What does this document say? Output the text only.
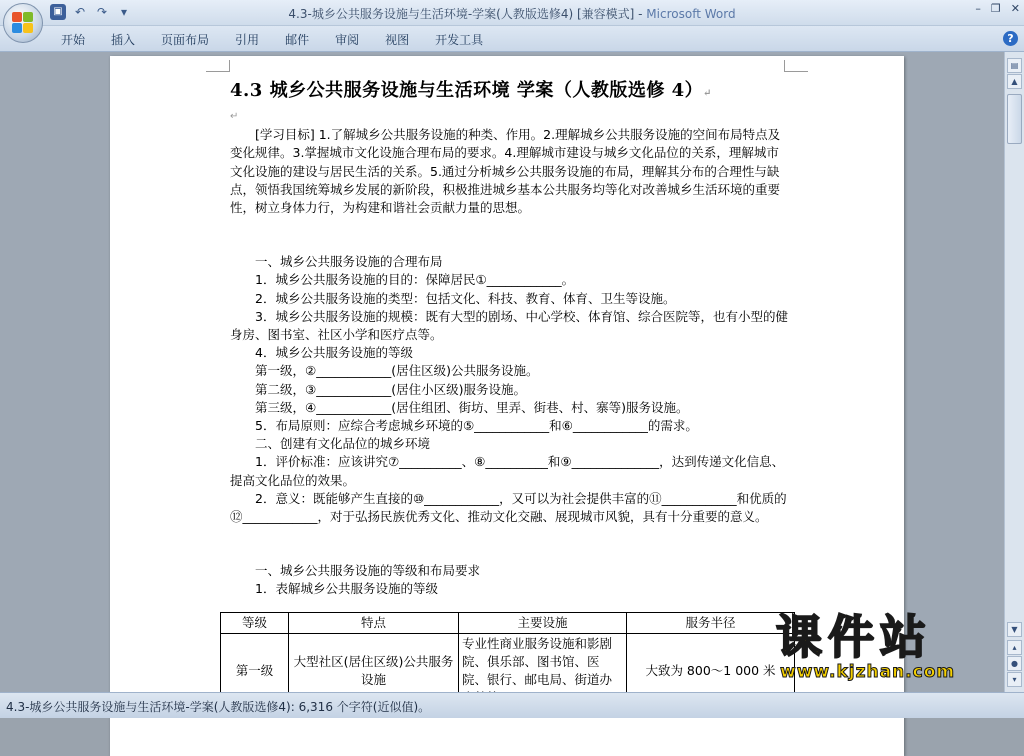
▣ ↶ ↷	▾	4.3-城乡公共服务设施与生活环境-学案(人教版选修4) [兼容模式] - Microsoft Word	– ❐ ✕
开始	插入	页面布局	引用	邮件	审阅	视图	开发工具	?
4.3 城乡公共服务设施与生活环境 学案（人教版选修 4）↵
↵
[学习目标] 1.了解城乡公共服务设施的种类、作用。2.理解城乡公共服务设施的空间布局特点及变化规律。3.掌握城市文化设施合理布局的要求。4.理解城市建设与城乡文化品位的关系，理解城市文化设施的建设与居民生活的关系。5.通过分析城乡公共服务设施的布局，理解其分布的合理性与缺点，领悟我国统筹城乡发展的新阶段，积极推进城乡基本公共服务均等化对改善城乡生活环境的重要性，树立身体力行，为构建和谐社会贡献力量的思想。
一、城乡公共服务设施的合理布局
1．城乡公共服务设施的目的：保障居民①____________。
2．城乡公共服务设施的类型：包括文化、科技、教育、体育、卫生等设施。
3．城乡公共服务设施的规模：既有大型的剧场、中心学校、体育馆、综合医院等，也有小型的健身房、图书室、社区小学和医疗点等。
4．城乡公共服务设施的等级
第一级，②____________(居住区级)公共服务设施。
第二级，③____________(居住小区级)服务设施。
第三级，④____________(居住组团、街坊、里弄、街巷、村、寨等)服务设施。
5．布局原则：应综合考虑城乡环境的⑤____________和⑥____________的需求。
二、创建有文化品位的城乡环境
1．评价标准：应该讲究⑦__________、⑧__________和⑨______________，达到传递文化信息、提高文化品位的效果。
2．意义：既能够产生直接的⑩____________，又可以为社会提供丰富的⑪____________和优质的⑫____________，对于弘扬民族优秀文化、推动文化交融、展现城市风貌，具有十分重要的意义。
一、城乡公共服务设施的等级和布局要求
1．表解城乡公共服务设施的等级
等级	特点	主要设施	服务半径
第一级	大型社区(居住区级)公共服务设施	专业性商业服务设施和影剧院、俱乐部、图书馆、医院、银行、邮电局、街道办	大致为 800～1 000 米
▤
▲
▼
▴
●
▾
4.3-城乡公共服务设施与生活环境-学案(人教版选修4): 6,316 个字符(近似值)。
课件站
www.kjzhan.com
